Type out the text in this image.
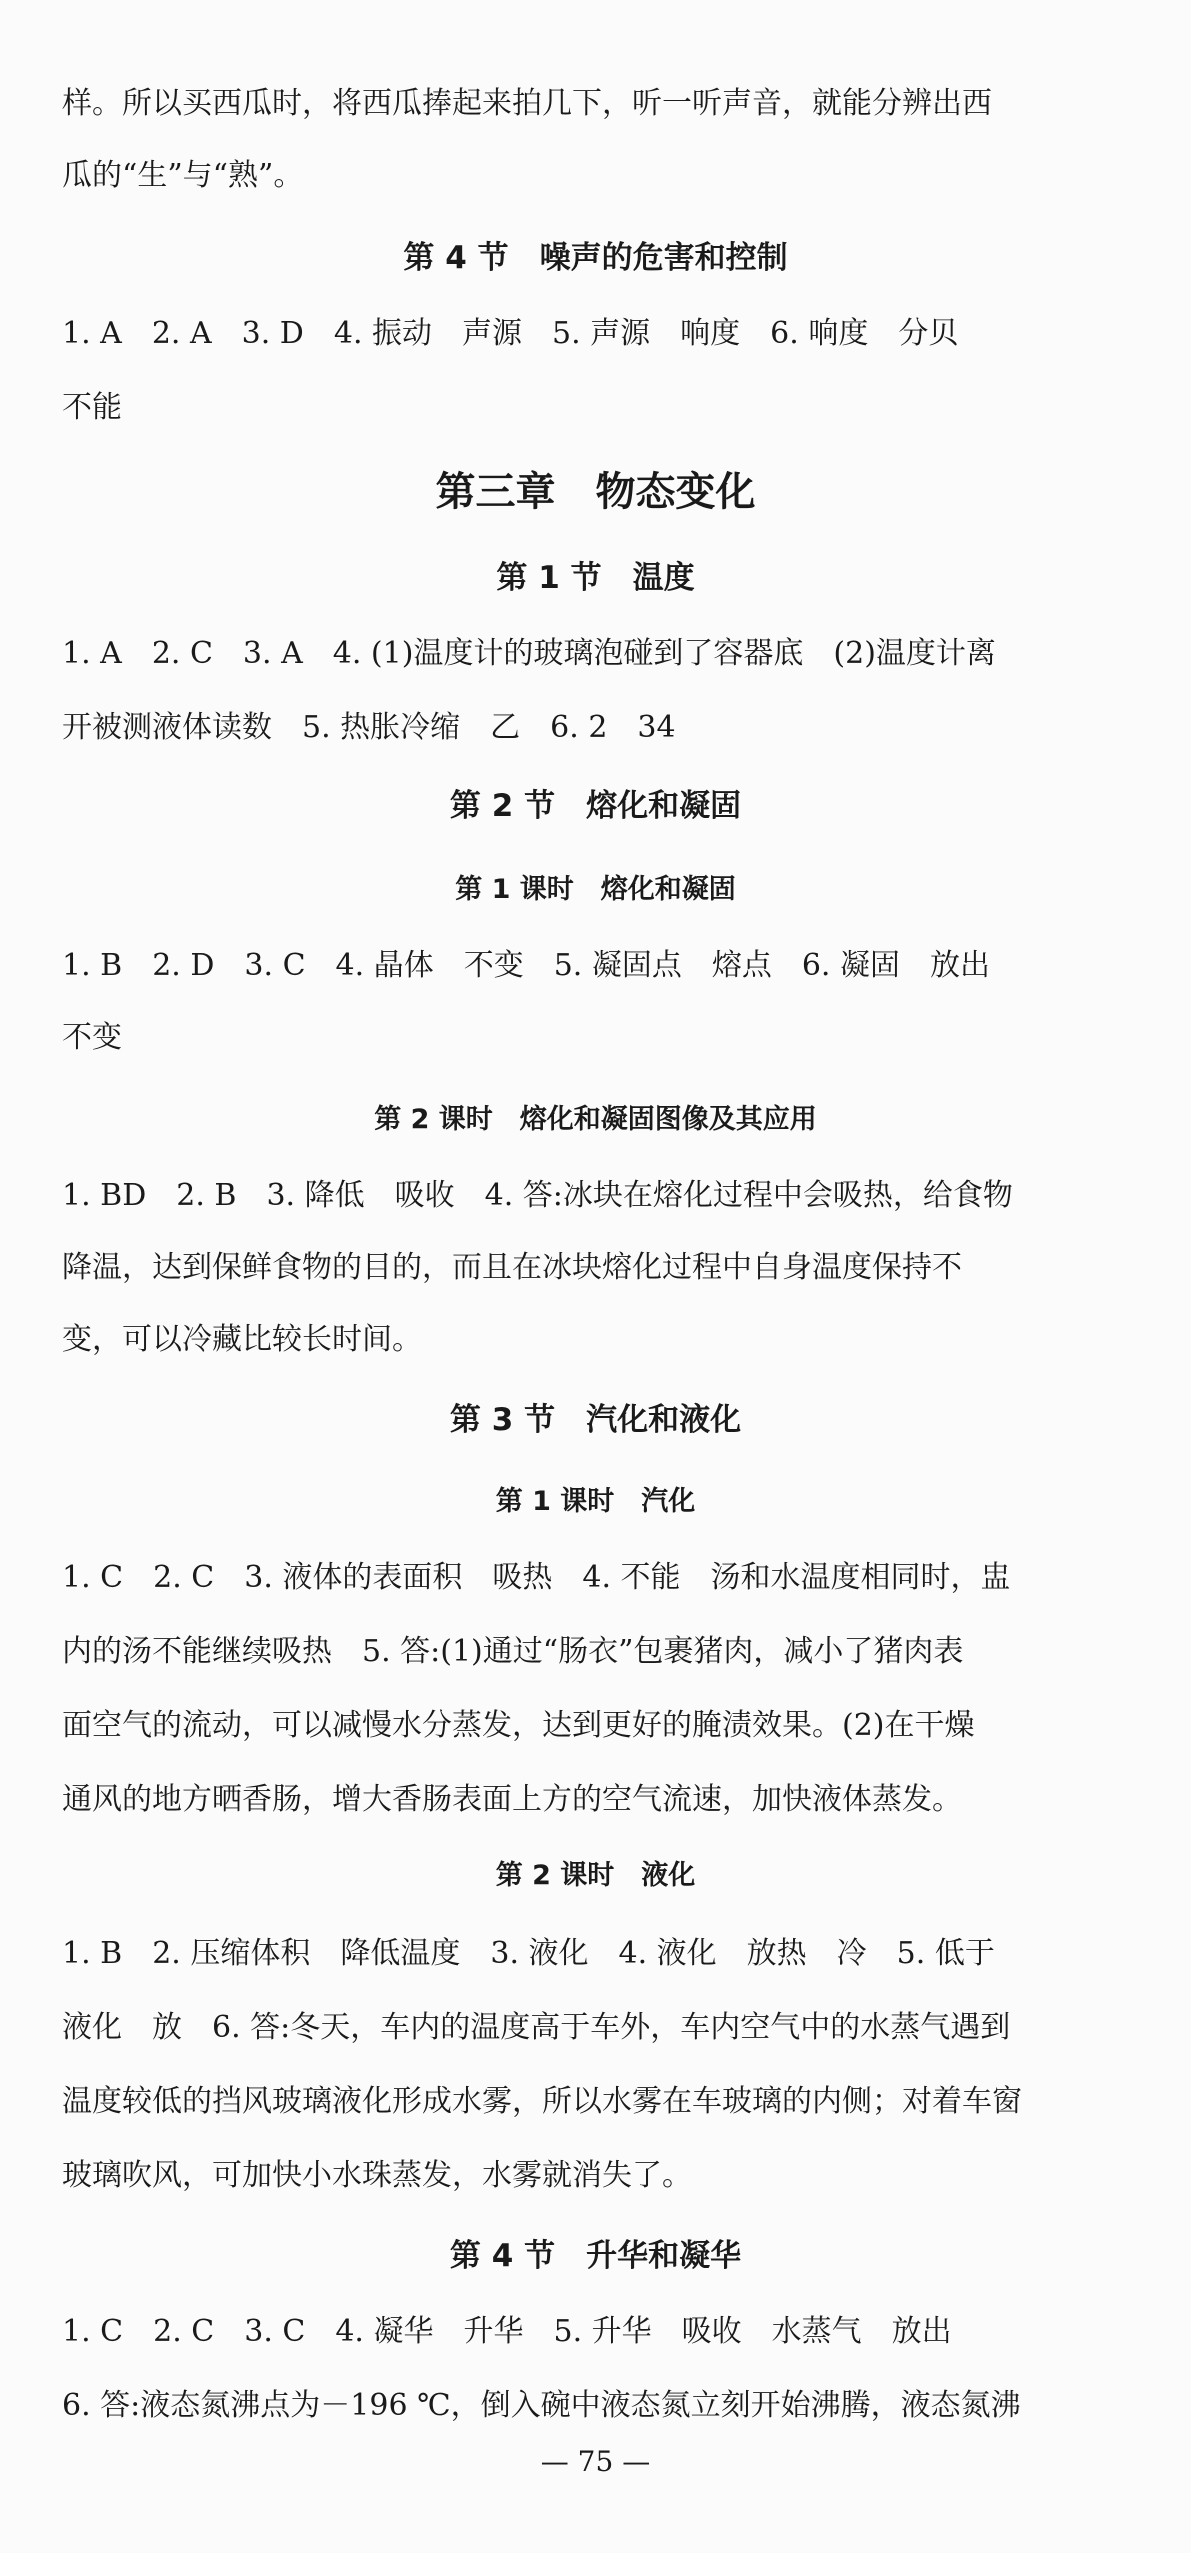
样。所以买西瓜时，将西瓜捧起来拍几下，听一听声音，就能分辨出西
瓜的“生”与“熟”。
第 4 节　噪声的危害和控制
1. A　2. A　3. D　4. 振动　声源　5. 声源　响度　6. 响度　分贝
不能
第三章　物态变化
第 1 节　温度
1. A　2. C　3. A　4. (1)温度计的玻璃泡碰到了容器底　(2)温度计离
开被测液体读数　5. 热胀冷缩　乙　6. 2　34
第 2 节　熔化和凝固
第 1 课时　熔化和凝固
1. B　2. D　3. C　4. 晶体　不变　5. 凝固点　熔点　6. 凝固　放出
不变
第 2 课时　熔化和凝固图像及其应用
1. BD　2. B　3. 降低　吸收　4. 答:冰块在熔化过程中会吸热，给食物
降温，达到保鲜食物的目的，而且在冰块熔化过程中自身温度保持不
变，可以冷藏比较长时间。
第 3 节　汽化和液化
第 1 课时　汽化
1. C　2. C　3. 液体的表面积　吸热　4. 不能　汤和水温度相同时，盅
内的汤不能继续吸热　5. 答:(1)通过“肠衣”包裹猪肉，减小了猪肉表
面空气的流动，可以减慢水分蒸发，达到更好的腌渍效果。(2)在干燥
通风的地方晒香肠，增大香肠表面上方的空气流速，加快液体蒸发。
第 2 课时　液化
1. B　2. 压缩体积　降低温度　3. 液化　4. 液化　放热　冷　5. 低于
液化　放　6. 答:冬天，车内的温度高于车外，车内空气中的水蒸气遇到
温度较低的挡风玻璃液化形成水雾，所以水雾在车玻璃的内侧；对着车窗
玻璃吹风，可加快小水珠蒸发，水雾就消失了。
第 4 节　升华和凝华
1. C　2. C　3. C　4. 凝华　升华　5. 升华　吸收　水蒸气　放出
6. 答:液态氮沸点为－196 ℃，倒入碗中液态氮立刻开始沸腾，液态氮沸
— 75 —
